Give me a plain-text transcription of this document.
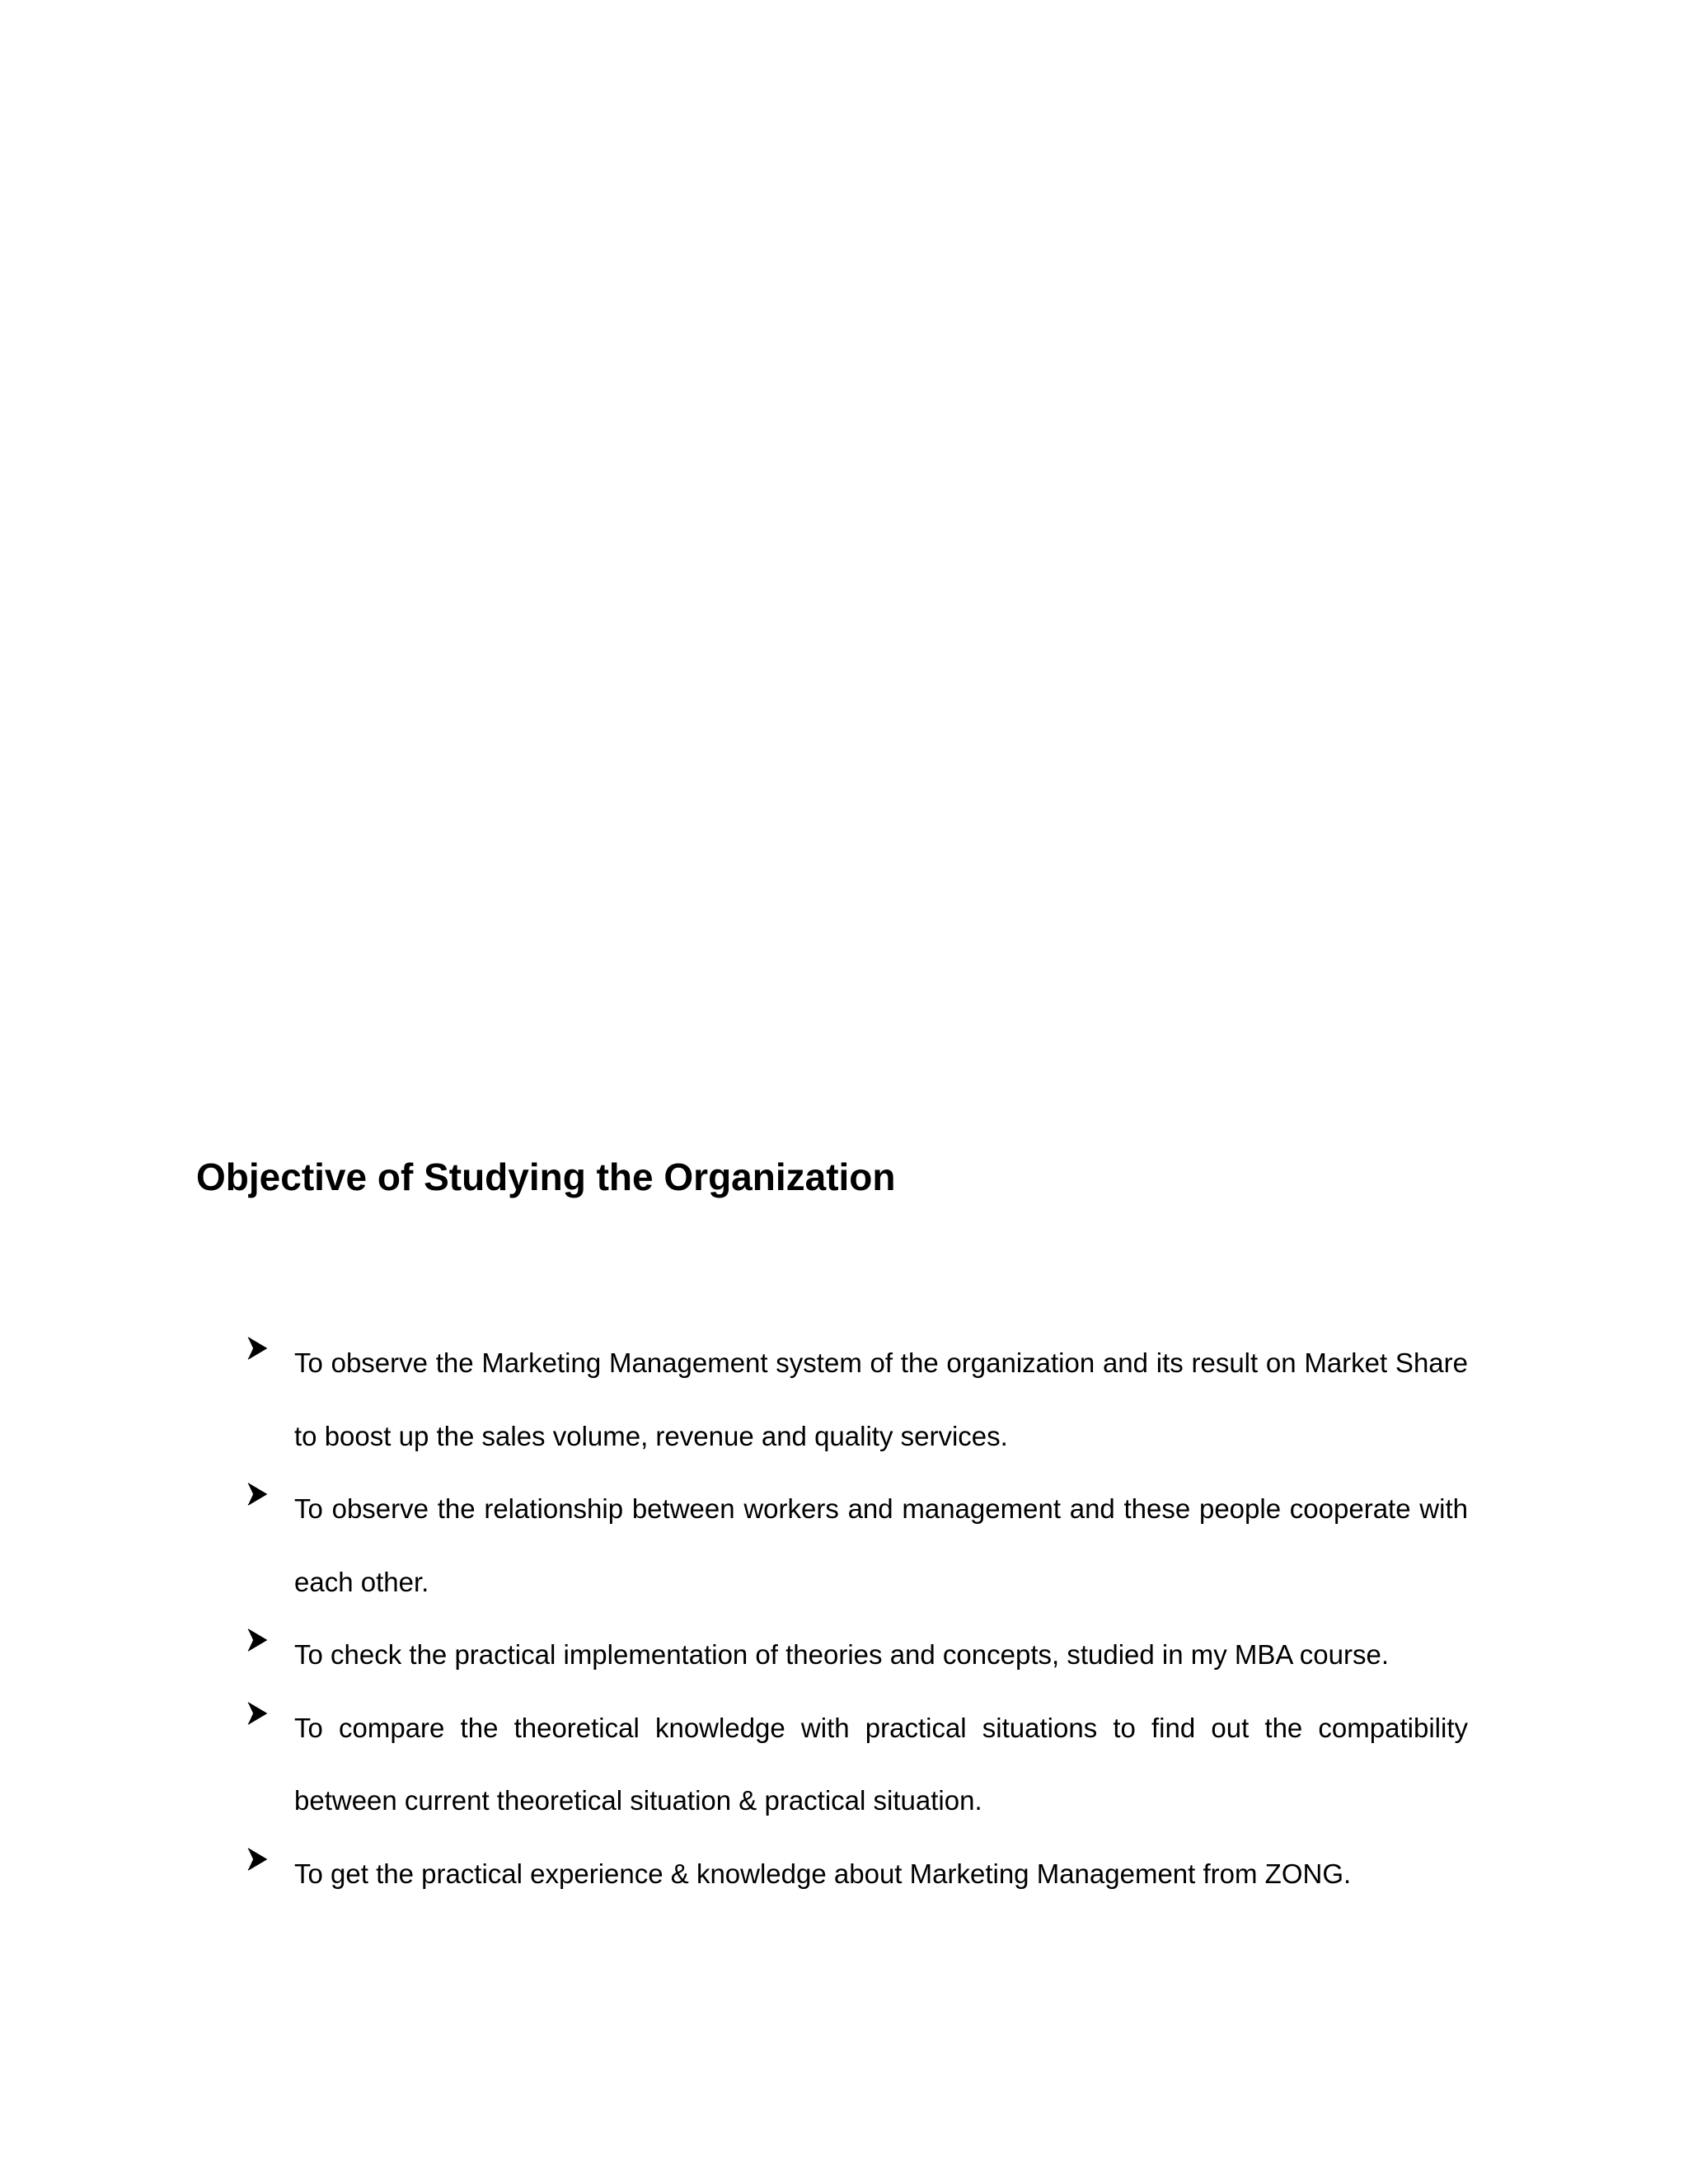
Objective of Studying the Organization
To observe the Marketing Management system of the organization and its result on Market Share to boost up the sales volume, revenue and quality services.
To observe the relationship between workers and management and these people cooperate with each other.
To check the practical implementation of theories and concepts, studied in my MBA course.
To compare the theoretical knowledge with practical situations to find out the compatibility between current theoretical situation & practical situation.
To get the practical experience & knowledge about Marketing Management from ZONG.
